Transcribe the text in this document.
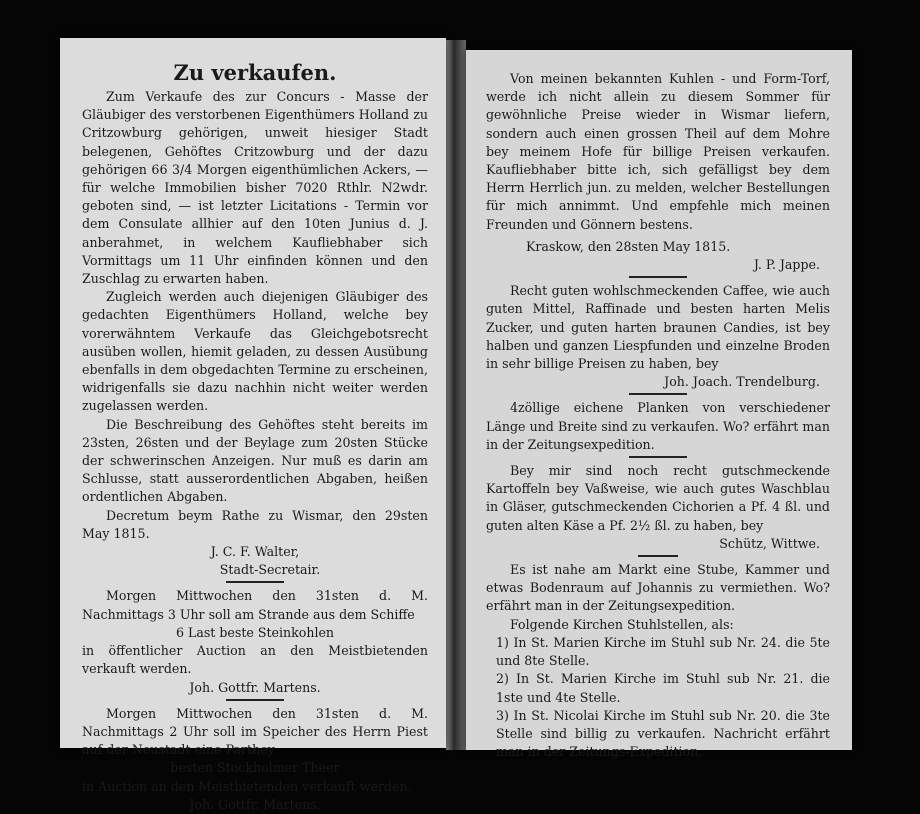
Zu verkaufen.

Zum Verkaufe des zur Concurs - Masse der Gläubiger des verstorbenen Eigenthümers Holland zu Critzowburg gehörigen, unweit hiesiger Stadt belegenen, Gehöftes Critzowburg und der dazu gehörigen 66 3/4 Morgen eigenthümlichen Ackers, — für welche Immobilien bisher 7020 Rthlr. N2wdr. geboten sind, — ist letzter Licitations - Termin vor dem Consulate allhier auf den 10ten Junius d. J. anberahmet, in welchem Kaufliebhaber sich Vormittags um 11 Uhr einfinden können und den Zuschlag zu erwarten haben.

Zugleich werden auch diejenigen Gläubiger des gedachten Eigenthümers Holland, welche bey vorerwähntem Verkaufe das Gleichgebotsrecht ausüben wollen, hiemit geladen, zu dessen Ausübung ebenfalls in dem obgedachten Termine zu erscheinen, widrigenfalls sie dazu nachhin nicht weiter werden zugelassen werden.

Die Beschreibung des Gehöftes steht bereits im 23sten, 26sten und der Beylage zum 20sten Stücke der schwerinschen Anzeigen. Nur muß es darin am Schlusse, statt ausserordentlichen Abgaben, heißen ordentlichen Abgaben.

Decretum beym Rathe zu Wismar, den 29sten May 1815.

J. C. F. Walter,
Stadt-Secretair.

Morgen Mittwochen den 31sten d. M. Nachmittags 3 Uhr soll am Strande aus dem Schiffe

6 Last beste Steinkohlen

in öffentlicher Auction an den Meistbietenden verkauft werden.

Joh. Gottfr. Martens.

Morgen Mittwochen den 31sten d. M. Nachmittags 2 Uhr soll im Speicher des Herrn Piest auf der Neustadt eine Parthey

besten Stockholmer Theer

in Auction an den Meistbietenden verkauft werden.

Joh. Gottfr. Martens.

Von meinen bekannten Kuhlen - und Form-Torf, werde ich nicht allein zu diesem Sommer für gewöhnliche Preise wieder in Wismar liefern, sondern auch einen grossen Theil auf dem Mohre bey meinem Hofe für billige Preisen verkaufen. Kaufliebhaber bitte ich, sich gefälligst bey dem Herrn Herrlich jun. zu melden, welcher Bestellungen für mich annimmt. Und empfehle mich meinen Freunden und Gönnern bestens.

Kraskow, den 28sten May 1815.
J. P. Jappe.

Recht guten wohlschmeckenden Caffee, wie auch guten Mittel, Raffinade und besten harten Melis Zucker, und guten harten braunen Candies, ist bey halben und ganzen Liespfunden und einzelne Broden in sehr billige Preisen zu haben, bey

Joh. Joach. Trendelburg.

4zöllige eichene Planken von verschiedener Länge und Breite sind zu verkaufen. Wo? erfährt man in der Zeitungsexpedition.

Bey mir sind noch recht gutschmeckende Kartoffeln bey Vaßweise, wie auch gutes Waschblau in Gläser, gutschmeckenden Cichorien a Pf. 4 ßl. und guten alten Käse a Pf. 2½ ßl. zu haben, bey

Schütz, Wittwe.

Es ist nahe am Markt eine Stube, Kammer und etwas Bodenraum auf Johannis zu vermiethen. Wo? erfährt man in der Zeitungsexpedition.

Folgende Kirchen Stuhlstellen, als:

1) In St. Marien Kirche im Stuhl sub Nr. 24. die 5te und 8te Stelle.

2) In St. Marien Kirche im Stuhl sub Nr. 21. die 1ste und 4te Stelle.

3) In St. Nicolai Kirche im Stuhl sub Nr. 20. die 3te Stelle sind billig zu verkaufen. Nachricht erfährt man in der Zeitungs-Expedition.
